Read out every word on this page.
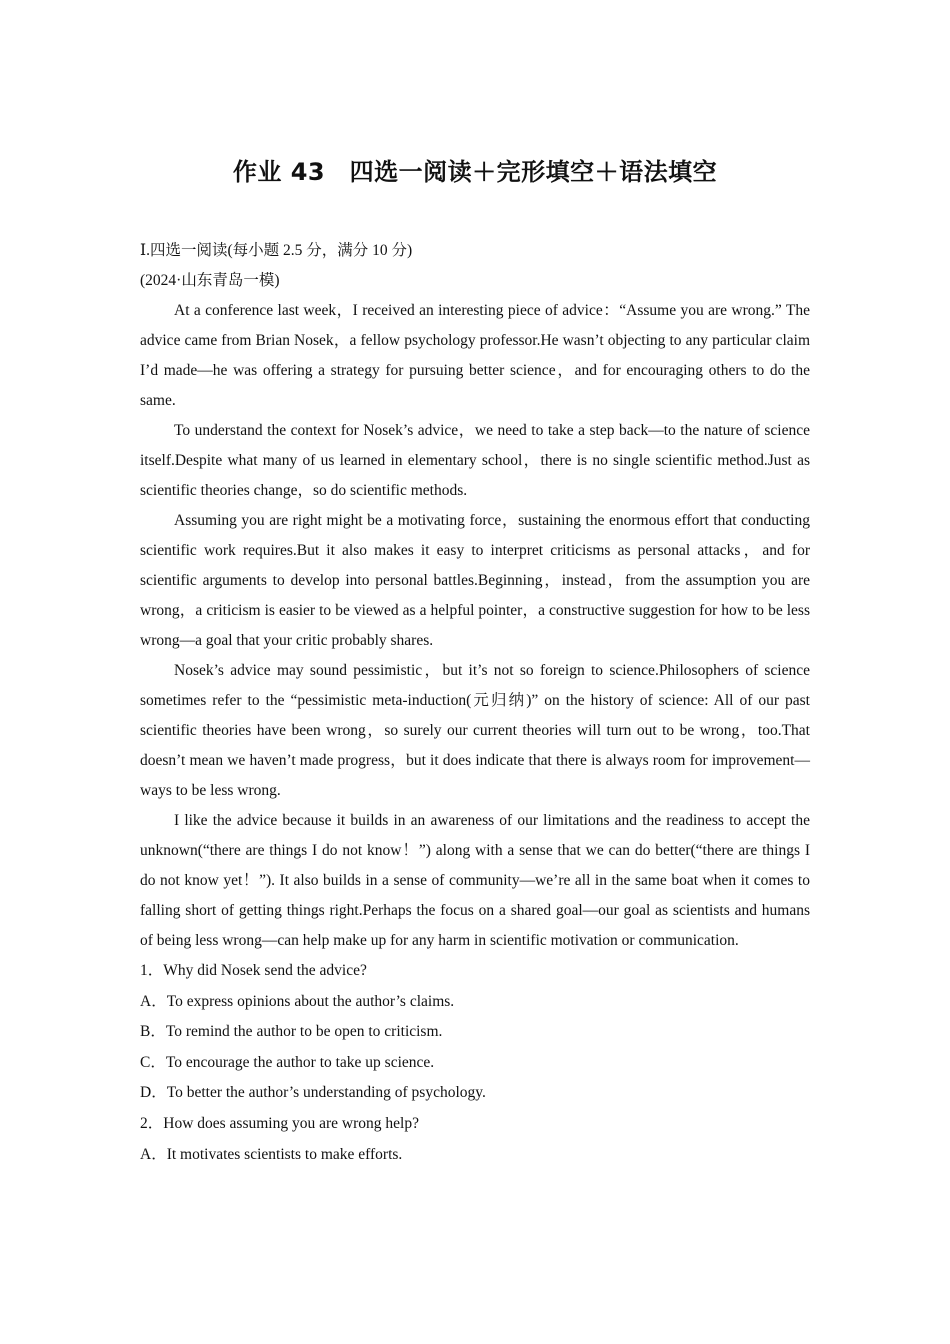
作业 43　四选一阅读＋完形填空＋语法填空

Ⅰ.四选一阅读(每小题 2.5 分，满分 10 分)

(2024·山东青岛一模)

At a conference last week，I received an interesting piece of advice：“Assume you are wrong.” The advice came from Brian Nosek，a fellow psychology professor.He wasn’t objecting to any particular claim I’d made—he was offering a strategy for pursuing better science，and for encouraging others to do the same.

To understand the context for Nosek’s advice，we need to take a step back—to the nature of science itself.Despite what many of us learned in elementary school，there is no single scientific method.Just as scientific theories change，so do scientific methods.

Assuming you are right might be a motivating force，sustaining the enormous effort that conducting scientific work requires.But it also makes it easy to interpret criticisms as personal attacks，and for scientific arguments to develop into personal battles.Beginning，instead，from the assumption you are wrong，a criticism is easier to be viewed as a helpful pointer，a constructive suggestion for how to be less wrong—a goal that your critic probably shares.

Nosek’s advice may sound pessimistic，but it’s not so foreign to science.Philosophers of science sometimes refer to the “pessimistic meta-induction(元归纳)” on the history of science: All of our past scientific theories have been wrong，so surely our current theories will turn out to be wrong，too.That doesn’t mean we haven’t made progress，but it does indicate that there is always room for improvement—ways to be less wrong.

I like the advice because it builds in an awareness of our limitations and the readiness to accept the unknown(“there are things I do not know！”) along with a sense that we can do better(“there are things I do not know yet！”). It also builds in a sense of community—we’re all in the same boat when it comes to falling short of getting things right.Perhaps the focus on a shared goal—our goal as scientists and humans of being less wrong—can help make up for any harm in scientific motivation or communication.

1．Why did Nosek send the advice?

A．To express opinions about the author’s claims.

B．To remind the author to be open to criticism.

C．To encourage the author to take up science.

D．To better the author’s understanding of psychology.

2．How does assuming you are wrong help?

A．It motivates scientists to make efforts.
